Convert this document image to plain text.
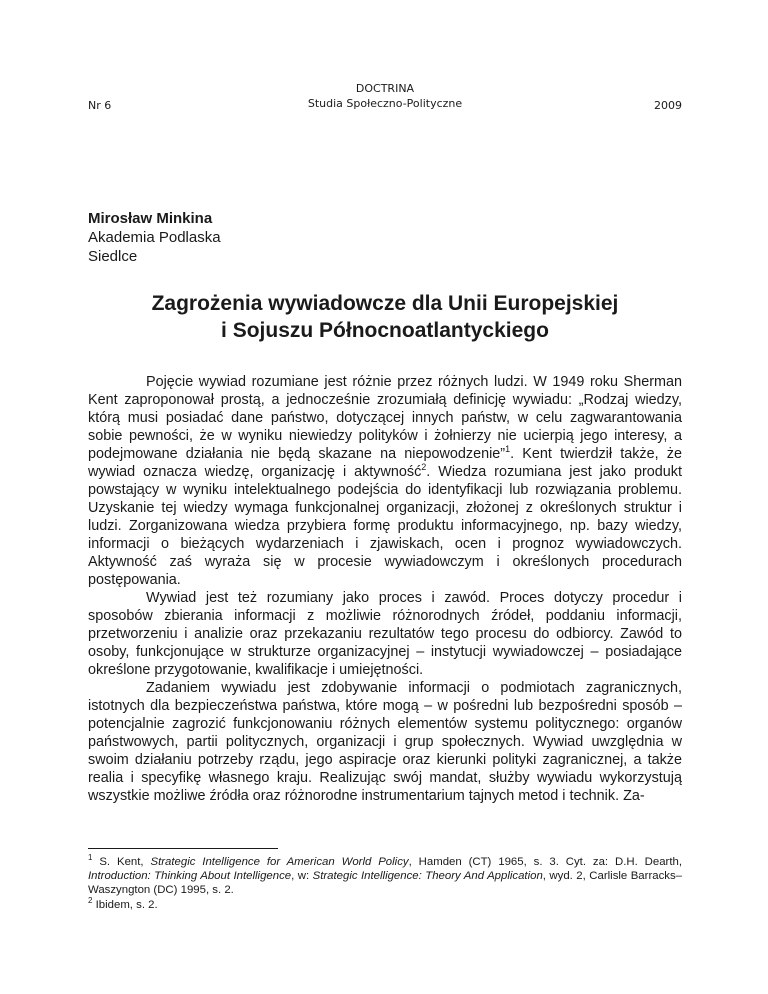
Nr 6
DOCTRINA
Studia Społeczno-Polityczne	2009
Mirosław Minkina
Akademia Podlaska
Siedlce
Zagrożenia wywiadowcze dla Unii Europejskiej
i Sojuszu Północnoatlantyckiego

Pojęcie wywiad rozumiane jest różnie przez różnych ludzi. W 1949 roku Sherman Kent zaproponował prostą, a jednocześnie zrozumiałą definicję wywiadu: „Rodzaj wiedzy, którą musi posiadać dane państwo, dotyczącej innych państw, w celu zagwarantowania sobie pewności, że w wyniku niewiedzy polityków i żołnierzy nie ucierpią jego interesy, a podejmowane działania nie będą skazane na niepowodzenie”$^1$. Kent twierdził także, że wywiad oznacza wiedzę, organizację i aktywność$^2$. Wiedza rozumiana jest jako produkt powstający w wyniku intelektualnego podejścia do identyfikacji lub rozwiązania problemu. Uzyskanie tej wiedzy wymaga funkcjonalnej organizacji, złożonej z określonych struktur i ludzi. Zorganizowana wiedza przybiera formę produktu informacyjnego, np. bazy wiedzy, informacji o bieżących wydarzeniach i zjawiskach, ocen i prognoz wywiadowczych. Aktywność zaś wyraża się w procesie wywiadowczym i określonych procedurach postępowania.

Wywiad jest też rozumiany jako proces i zawód. Proces dotyczy procedur i sposobów zbierania informacji z możliwie różnorodnych źródeł, poddaniu informacji, przetworzeniu i analizie oraz przekazaniu rezultatów tego procesu do odbiorcy. Zawód to osoby, funkcjonujące w strukturze organizacyjnej – instytucji wywiadowczej – posiadające określone przygotowanie, kwalifikacje i umiejętności.

Zadaniem wywiadu jest zdobywanie informacji o podmiotach zagranicznych, istotnych dla bezpieczeństwa państwa, które mogą – w pośredni lub bezpośredni sposób – potencjalnie zagrozić funkcjonowaniu różnych elementów systemu politycznego: organów państwowych, partii politycznych, organizacji i grup społecznych. Wywiad uwzględnia w swoim działaniu potrzeby rządu, jego aspiracje oraz kierunki polityki zagranicznej, a także realia i specyfikę własnego kraju. Realizując swój mandat, służby wywiadu wykorzystują wszystkie możliwe źródła oraz różnorodne instrumentarium tajnych metod i technik. Za-

$^1$ S. Kent, Strategic Intelligence for American World Policy, Hamden (CT) 1965, s. 3. Cyt. za: D.H. Dearth, Introduction: Thinking About Intelligence, w: Strategic Intelligence: Theory And Application, wyd. 2, Carlisle Barracks–Waszyngton (DC) 1995, s. 2.

$^2$ Ibidem, s. 2.
